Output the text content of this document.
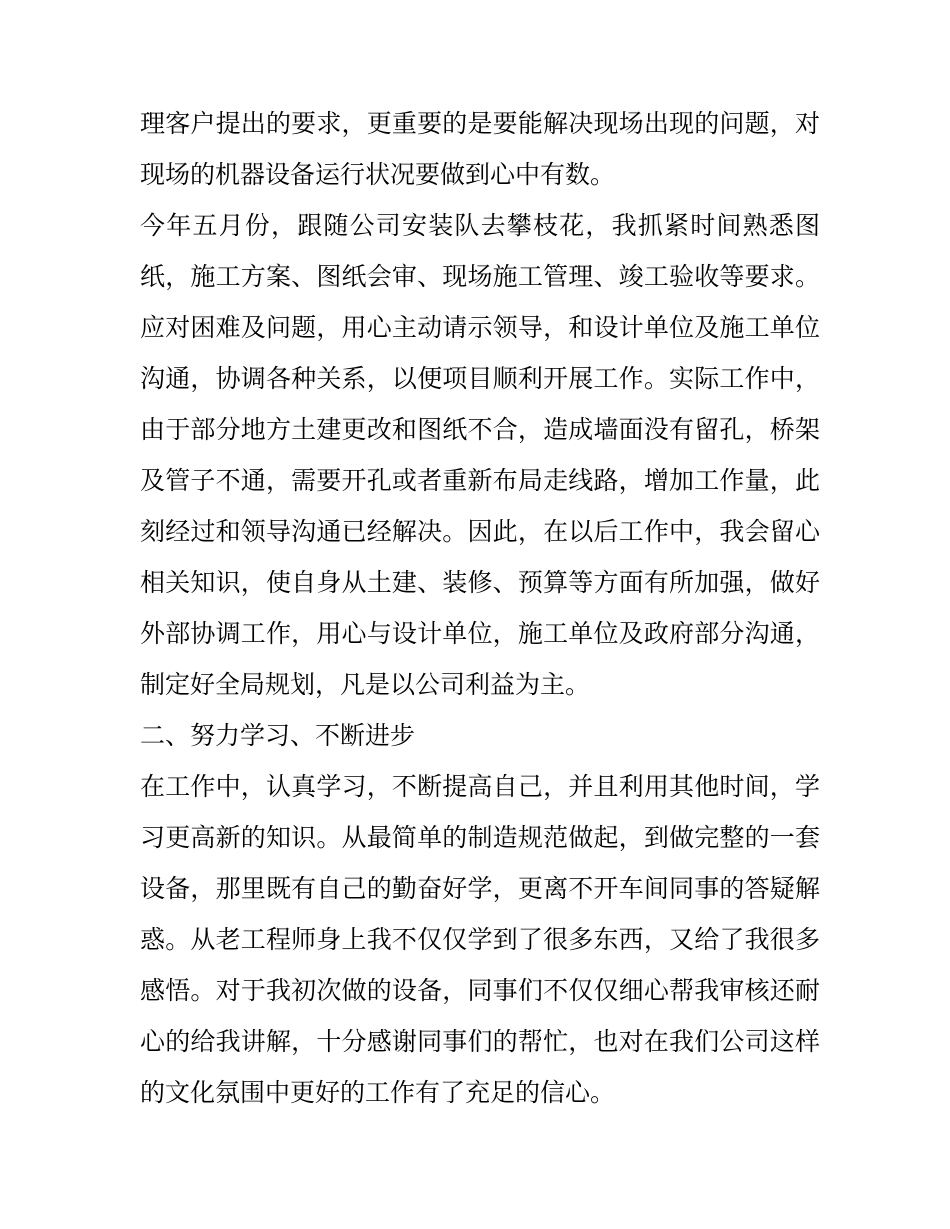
理客户提出的要求，更重要的是要能解决现场出现的问题，对
现场的机器设备运行状况要做到心中有数。
今年五月份，跟随公司安装队去攀枝花，我抓紧时间熟悉图
纸，施工方案、图纸会审、现场施工管理、竣工验收等要求。
应对困难及问题，用心主动请示领导，和设计单位及施工单位
沟通，协调各种关系，以便项目顺利开展工作。实际工作中，
由于部分地方土建更改和图纸不合，造成墙面没有留孔，桥架
及管子不通，需要开孔或者重新布局走线路，增加工作量，此
刻经过和领导沟通已经解决。因此，在以后工作中，我会留心
相关知识，使自身从土建、装修、预算等方面有所加强，做好
外部协调工作，用心与设计单位，施工单位及政府部分沟通，
制定好全局规划，凡是以公司利益为主。
二、努力学习、不断进步
在工作中，认真学习，不断提高自己，并且利用其他时间，学
习更高新的知识。从最简单的制造规范做起，到做完整的一套
设备，那里既有自己的勤奋好学，更离不开车间同事的答疑解
惑。从老工程师身上我不仅仅学到了很多东西，又给了我很多
感悟。对于我初次做的设备，同事们不仅仅细心帮我审核还耐
心的给我讲解，十分感谢同事们的帮忙，也对在我们公司这样
的文化氛围中更好的工作有了充足的信心。
